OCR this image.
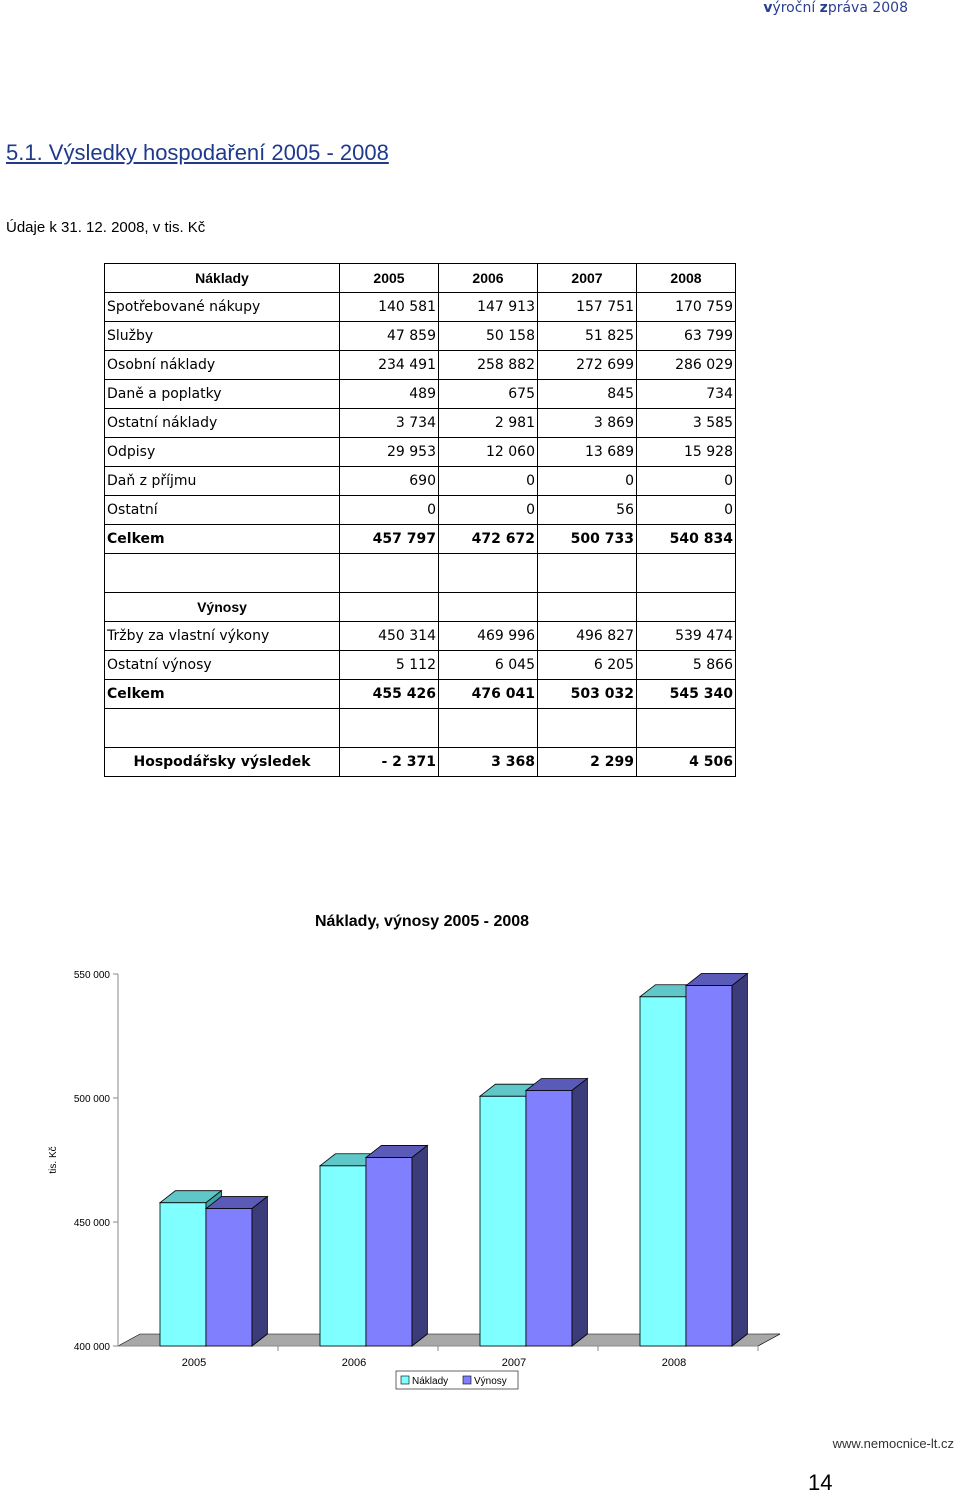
výroční zpráva 2008
5.1. Výsledky hospodaření 2005 - 2008
Údaje k 31. 12. 2008, v tis. Kč
Náklady	2005	2006	2007	2008
Spotřebované nákupy	140 581	147 913	157 751	170 759
Služby	47 859	50 158	51 825	63 799
Osobní náklady	234 491	258 882	272 699	286 029
Daně a poplatky	489	675	845	734
Ostatní náklady	3 734	2 981	3 869	3 585
Odpisy	29 953	12 060	13 689	15 928
Daň z příjmu	690	0	0	0
Ostatní	0	0	56	0
Celkem	457 797	472 672	500 733	540 834

Výnosy				
Tržby za vlastní výkony	450 314	469 996	496 827	539 474
Ostatní výnosy	5 112	6 045	6 205	5 866
Celkem	455 426	476 041	503 032	545 340

Hospodářsky výsledek	- 2 371	3 368	2 299	4 506
Náklady, výnosy 2005 - 2008
400 000
450 000
500 000
550 000
tis. Kč
2005	2006	2007	2008
Náklady	Výnosy
www.nemocnice-lt.cz
14
